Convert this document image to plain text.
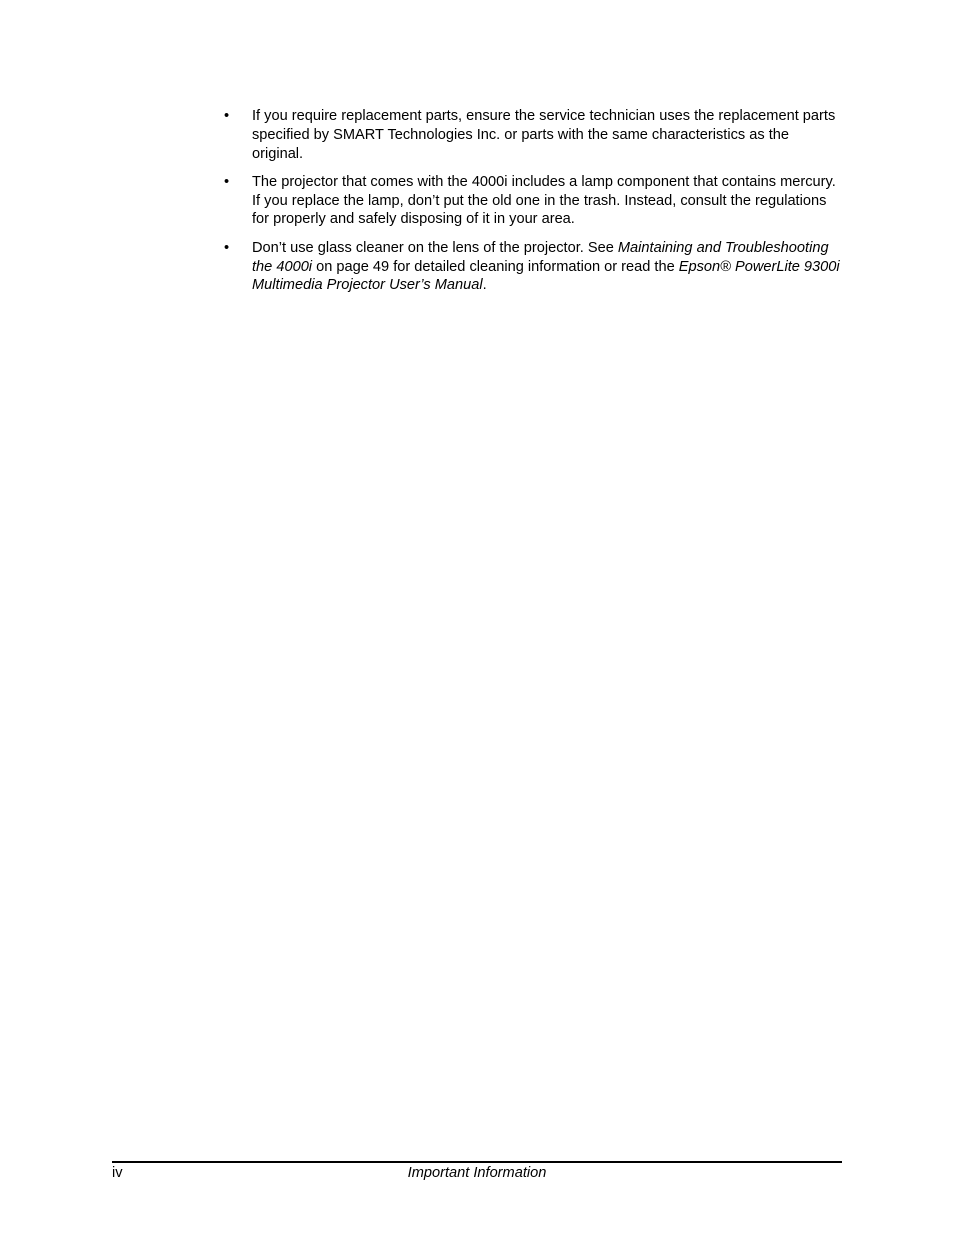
• If you require replacement parts, ensure the service technician uses the replacement parts specified by SMART Technologies Inc. or parts with the same characteristics as the original.
• The projector that comes with the 4000i includes a lamp component that contains mercury. If you replace the lamp, don’t put the old one in the trash. Instead, consult the regulations for properly and safely disposing of it in your area.
• Don’t use glass cleaner on the lens of the projector. See Maintaining and Troubleshooting the 4000i on page 49 for detailed cleaning information or read the Epson® PowerLite 9300i Multimedia Projector User’s Manual.
iv	Important Information
